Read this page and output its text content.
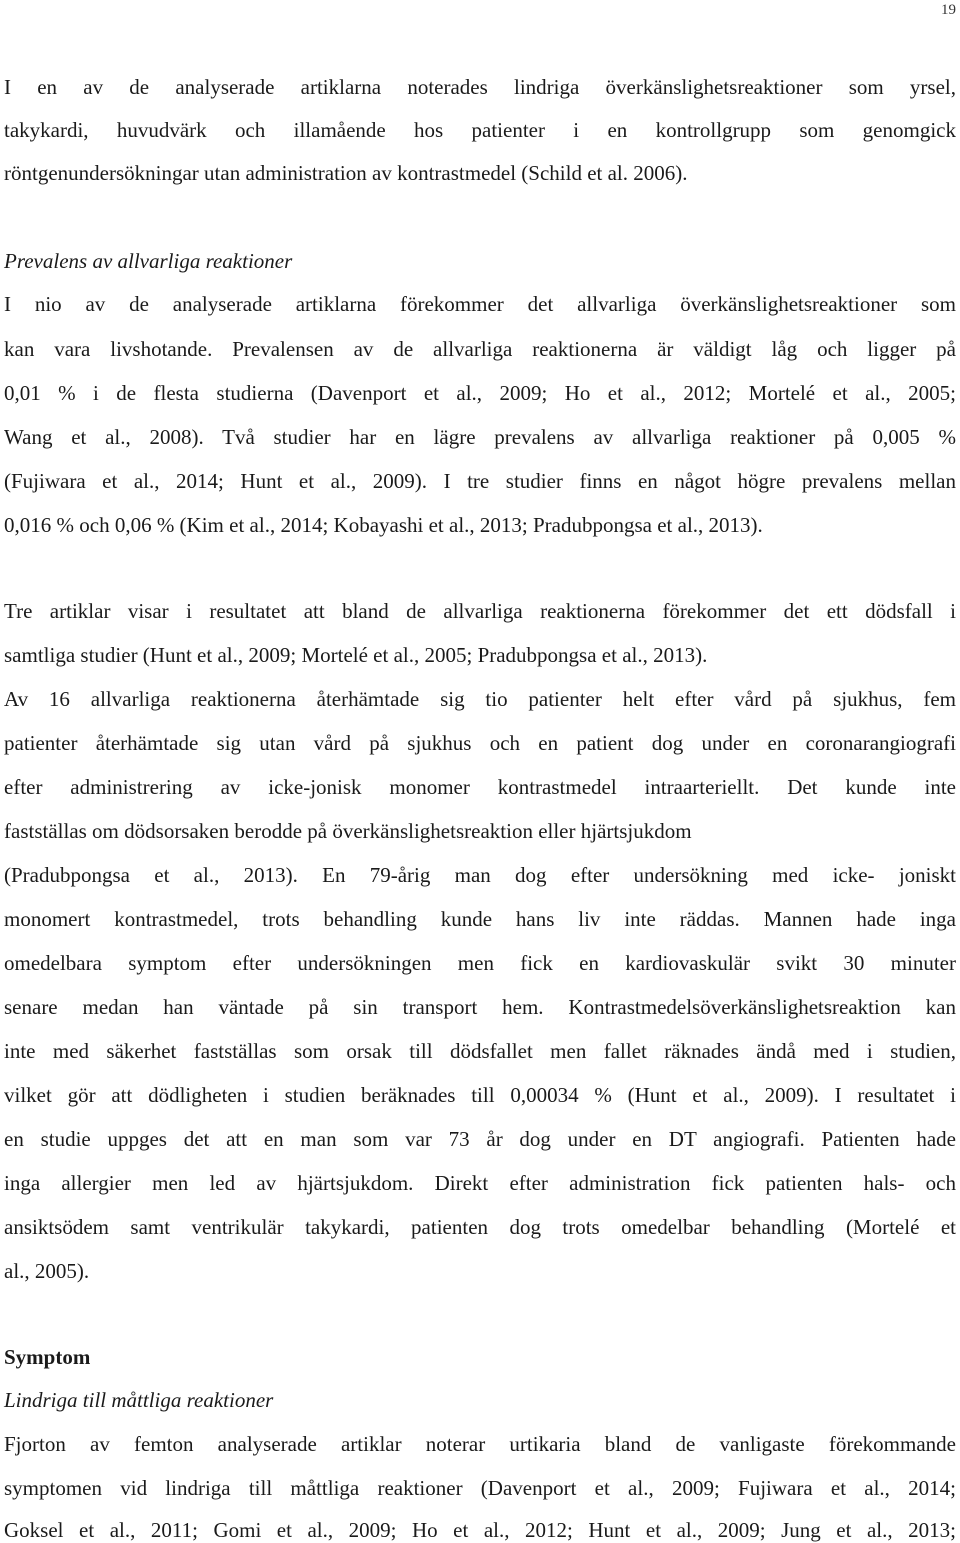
19
I en av de analyserade artiklarna noterades lindriga överkänslighetsreaktioner som yrsel,
takykardi, huvudvärk och illamående hos patienter i en kontrollgrupp som genomgick
röntgenundersökningar utan administration av kontrastmedel (Schild et al. 2006).
Prevalens av allvarliga reaktioner
I nio av de analyserade artiklarna förekommer det allvarliga överkänslighetsreaktioner som
kan vara livshotande. Prevalensen av de allvarliga reaktionerna är väldigt låg och ligger på
0,01 % i de flesta studierna (Davenport et al., 2009; Ho et al., 2012; Mortelé et al., 2005;
Wang et al., 2008). Två studier har en lägre prevalens av allvarliga reaktioner på 0,005 %
(Fujiwara et al., 2014; Hunt et al., 2009). I tre studier finns en något högre prevalens mellan
0,016 % och 0,06 % (Kim et al., 2014; Kobayashi et al., 2013; Pradubpongsa et al., 2013).
Tre artiklar visar i resultatet att bland de allvarliga reaktionerna förekommer det ett dödsfall i
samtliga studier (Hunt et al., 2009; Mortelé et al., 2005; Pradubpongsa et al., 2013).
Av 16 allvarliga reaktionerna återhämtade sig tio patienter helt efter vård på sjukhus, fem
patienter återhämtade sig utan vård på sjukhus och en patient dog under en coronarangiografi
efter administrering av icke-jonisk monomer kontrastmedel intraarteriellt. Det kunde inte
fastställas om dödsorsaken berodde på överkänslighetsreaktion eller hjärtsjukdom
(Pradubpongsa et al., 2013). En 79-årig man dog efter undersökning med icke- joniskt
monomert kontrastmedel, trots behandling kunde hans liv inte räddas. Mannen hade inga
omedelbara symptom efter undersökningen men fick en kardiovaskulär svikt 30 minuter
senare medan han väntade på sin transport hem. Kontrastmedelsöverkänslighetsreaktion kan
inte med säkerhet fastställas som orsak till dödsfallet men fallet räknades ändå med i studien,
vilket gör att dödligheten i studien beräknades till 0,00034 % (Hunt et al., 2009). I resultatet i
en studie uppges det att en man som var 73 år dog under en DT angiografi. Patienten hade
inga allergier men led av hjärtsjukdom. Direkt efter administration fick patienten hals- och
ansiktsödem samt ventrikulär takykardi, patienten dog trots omedelbar behandling (Mortelé et
al., 2005).
Symptom
Lindriga till måttliga reaktioner
Fjorton av femton analyserade artiklar noterar urtikaria bland de vanligaste förekommande
symptomen vid lindriga till måttliga reaktioner (Davenport et al., 2009; Fujiwara et al., 2014;
Goksel et al., 2011; Gomi et al., 2009; Ho et al., 2012; Hunt et al., 2009; Jung et al., 2013;
